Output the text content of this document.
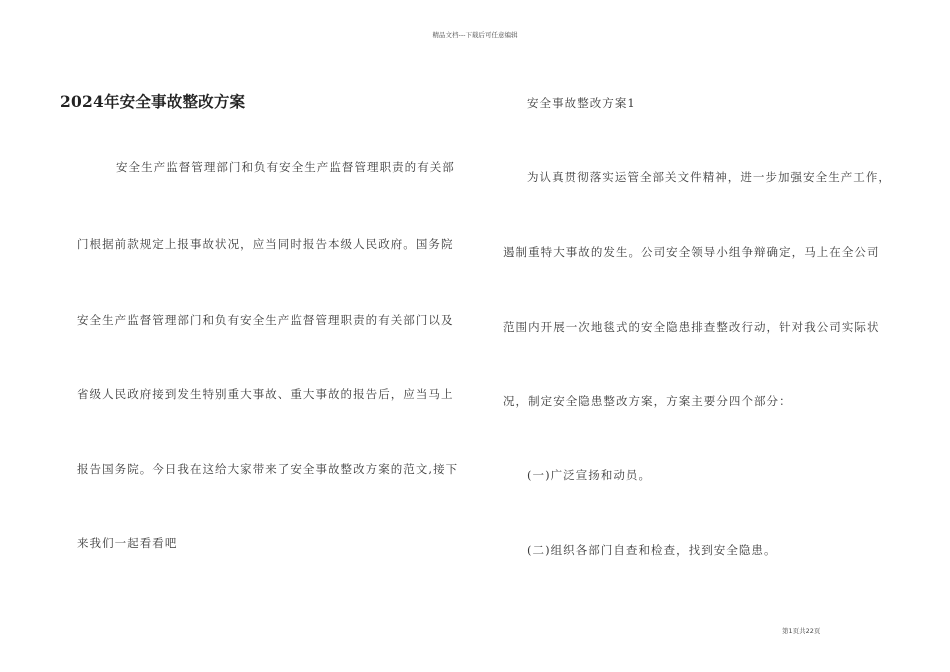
精品文档---下载后可任意编辑
2024年安全事故整改方案
安全生产监督管理部门和负有安全生产监督管理职责的有关部
门根据前款规定上报事故状况，应当同时报告本级人民政府。国务院
安全生产监督管理部门和负有安全生产监督管理职责的有关部门以及
省级人民政府接到发生特别重大事故、重大事故的报告后，应当马上
报告国务院。今日我在这给大家带来了安全事故整改方案的范文,接下
来我们一起看看吧
安全事故整改方案1
为认真贯彻落实运管全部关文件精神，进一步加强安全生产工作，
遏制重特大事故的发生。公司安全领导小组争辩确定，马上在全公司
范围内开展一次地毯式的安全隐患排查整改行动，针对我公司实际状
况，制定安全隐患整改方案，方案主要分四个部分：
(一)广泛宣扬和动员。
(二)组织各部门自查和检查，找到安全隐患。
第1页共22页
